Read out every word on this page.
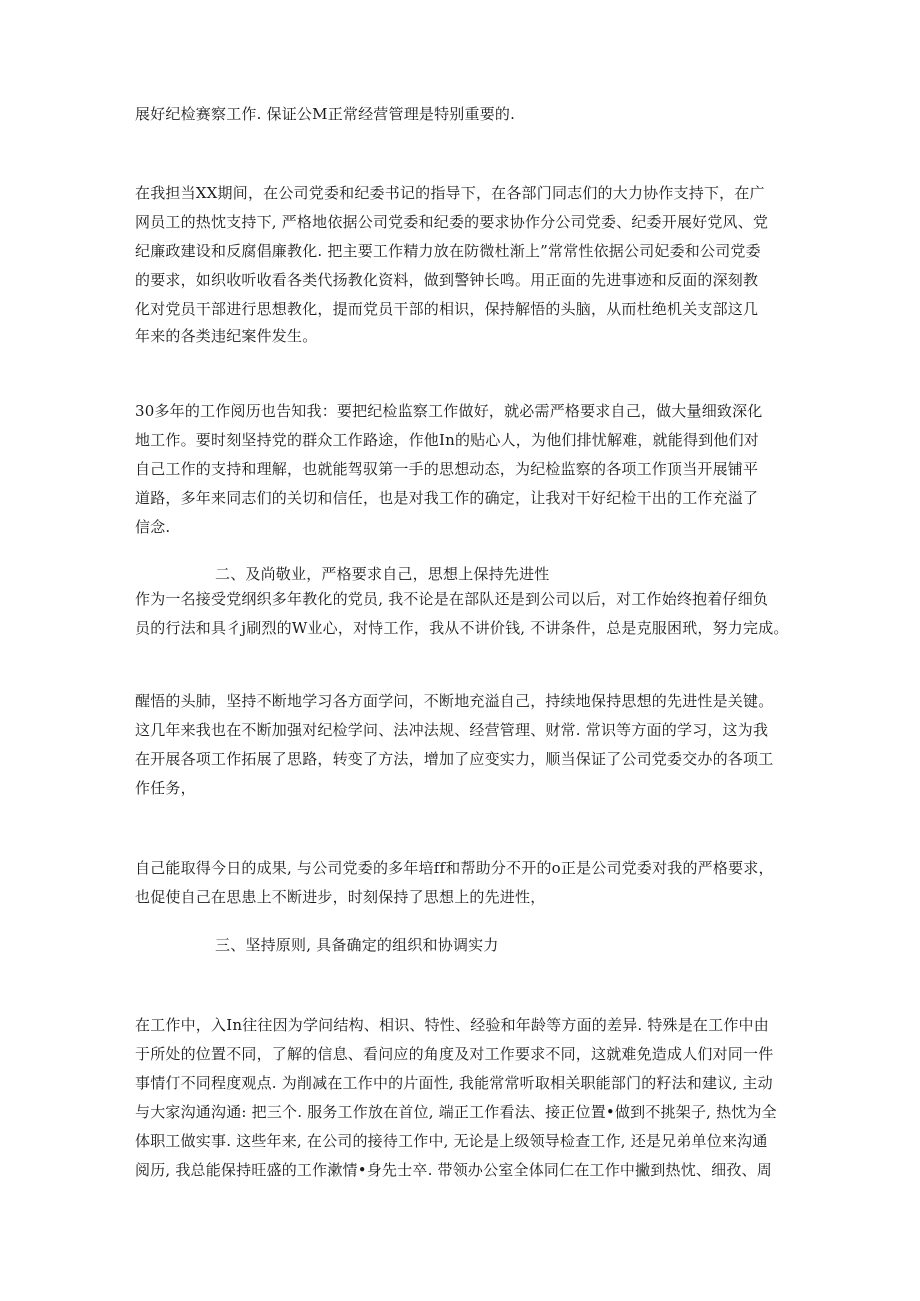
展好纪检赛察工作. 保证公M正常经营管理是特别重要的.
在我担当XX期间，在公司党委和纪委书记的指导下，在各部门同志们的大力协作支持下，在广
网员工的热忱支持下, 严格地依据公司党委和纪委的要求协作分公司党委、纪委开展好党风、党
纪廉政建设和反腐倡廉教化. 把主要工作精力放在防微杜渐上”常常性依据公司妃委和公司党委
的要求，如织收听收看各类代扬教化资料，做到警钟长鸣。用正面的先进事迹和反面的深刻教
化对党员干部进行思想教化，提而党员干部的相识，保持解悟的头脑，从而杜绝机关支部这几
年来的各类违纪案件发生。
30多年的工作阅历也告知我：要把纪检监察工作做好，就必需严格要求自己，做大量细致深化
地工作。要时刻坚持党的群众工作路途，作他In的贴心人，为他们排忧解难，就能得到他们对
自己工作的支持和理解，也就能驾驭第一手的思想动态，为纪检监察的各项工作顶当开展铺平
道路，多年来同志们的关切和信任，也是对我工作的确定，让我对干好纪检干出的工作充溢了
信念.
二、及尚敬业，严格要求自己，思想上保持先进性
作为一名接受党纲织多年教化的党员, 我不论是在部队还是到公司以后，对工作始终抱着仔细负
员的行法和具彳j刷烈的W业心，对恃工作，我从不讲价钱, 不讲条件，总是克服困玳，努力完成。
醒悟的头肺，坚持不断地学习各方面学问，不断地充溢自己，持续地保持思想的先进性是关键。
这几年来我也在不断加强对纪检学问、法冲法规、经营管理、财常. 常识等方面的学习，这为我
在开展各项工作拓展了思路，转变了方法，增加了应变实力，顺当保证了公司党委交办的各项工
作任务，
自己能取得今日的成果, 与公司党委的多年培ff和帮助分不开的o正是公司党委对我的严格要求，
也促使自己在思患上不断进步，时刻保持了思想上的先进性，
三、坚持原则, 具备确定的组织和协调实力
在工作中，入In往往因为学问结构、相识、特性、经验和年龄等方面的差异. 特殊是在工作中由
于所处的位置不同，了解的信息、看问应的角度及对工作要求不同，这就难免造成人们对同一件
事情仃不同程度观点. 为削减在工作中的片面性, 我能常常听取相关职能部门的籽法和建议, 主动
与大家沟通沟通: 把三个. 服务工作放在首位, 端正工作看法、接正位置•做到不挑架子, 热忱为全
体职工做实事. 这些年来, 在公司的接待工作中, 无论是上级领导检查工作, 还是兄弟单位来沟通
阅历, 我总能保持旺盛的工作漱情•身先士卒. 带领办公室全体同仁在工作中撇到热忱、细孜、周
